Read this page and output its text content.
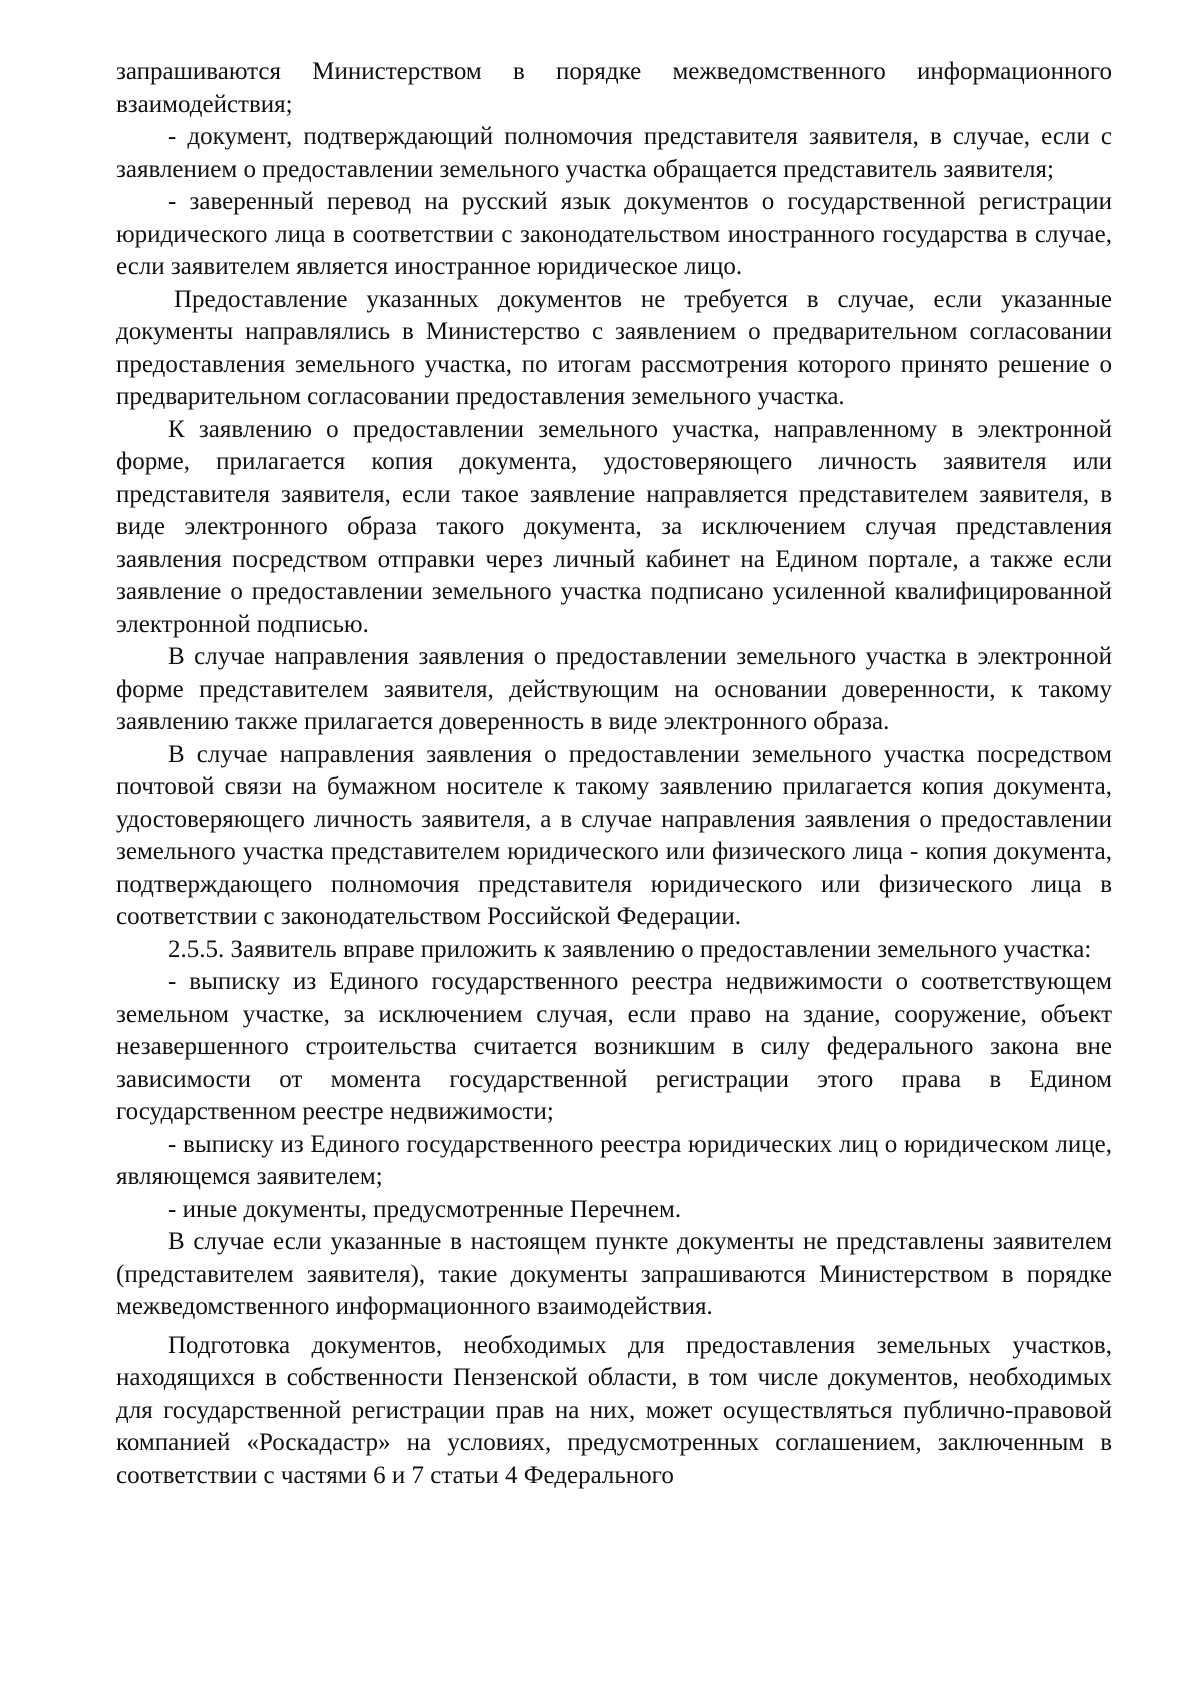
запрашиваются Министерством в порядке межведомственного информационного взаимодействия;

- документ, подтверждающий полномочия представителя заявителя, в случае, если с заявлением о предоставлении земельного участка обращается представитель заявителя;

- заверенный перевод на русский язык документов о государственной регистрации юридического лица в соответствии с законодательством иностранного государства в случае, если заявителем является иностранное юридическое лицо.

Предоставление указанных документов не требуется в случае, если указанные документы направлялись в Министерство с заявлением о предварительном согласовании предоставления земельного участка, по итогам рассмотрения которого принято решение о предварительном согласовании предоставления земельного участка.

К заявлению о предоставлении земельного участка, направленному в электронной форме, прилагается копия документа, удостоверяющего личность заявителя или представителя заявителя, если такое заявление направляется представителем заявителя, в виде электронного образа такого документа, за исключением случая представления заявления посредством отправки через личный кабинет на Едином портале, а также если заявление о предоставлении земельного участка подписано усиленной квалифицированной электронной подписью.

В случае направления заявления о предоставлении земельного участка в электронной форме представителем заявителя, действующим на основании доверенности, к такому заявлению также прилагается доверенность в виде электронного образа.

В случае направления заявления о предоставлении земельного участка посредством почтовой связи на бумажном носителе к такому заявлению прилагается копия документа, удостоверяющего личность заявителя, а в случае направления заявления о предоставлении земельного участка представителем юридического или физического лица - копия документа, подтверждающего полномочия представителя юридического или физического лица в соответствии с законодательством Российской Федерации.

2.5.5. Заявитель вправе приложить к заявлению о предоставлении земельного участка:

- выписку из Единого государственного реестра недвижимости о соответствующем земельном участке, за исключением случая, если право на здание, сооружение, объект незавершенного строительства считается возникшим в силу федерального закона вне зависимости от момента государственной регистрации этого права в Едином государственном реестре недвижимости;

- выписку из Единого государственного реестра юридических лиц о юридическом лице, являющемся заявителем;

- иные документы, предусмотренные Перечнем.

В случае если указанные в настоящем пункте документы не представлены заявителем (представителем заявителя), такие документы запрашиваются Министерством в порядке межведомственного информационного взаимодействия.

Подготовка документов, необходимых для предоставления земельных участков, находящихся в собственности Пензенской области, в том числе документов, необходимых для государственной регистрации прав на них, может осуществляться публично-правовой компанией «Роскадастр» на условиях, предусмотренных соглашением, заключенным в соответствии с частями 6 и 7 статьи 4 Федерального
